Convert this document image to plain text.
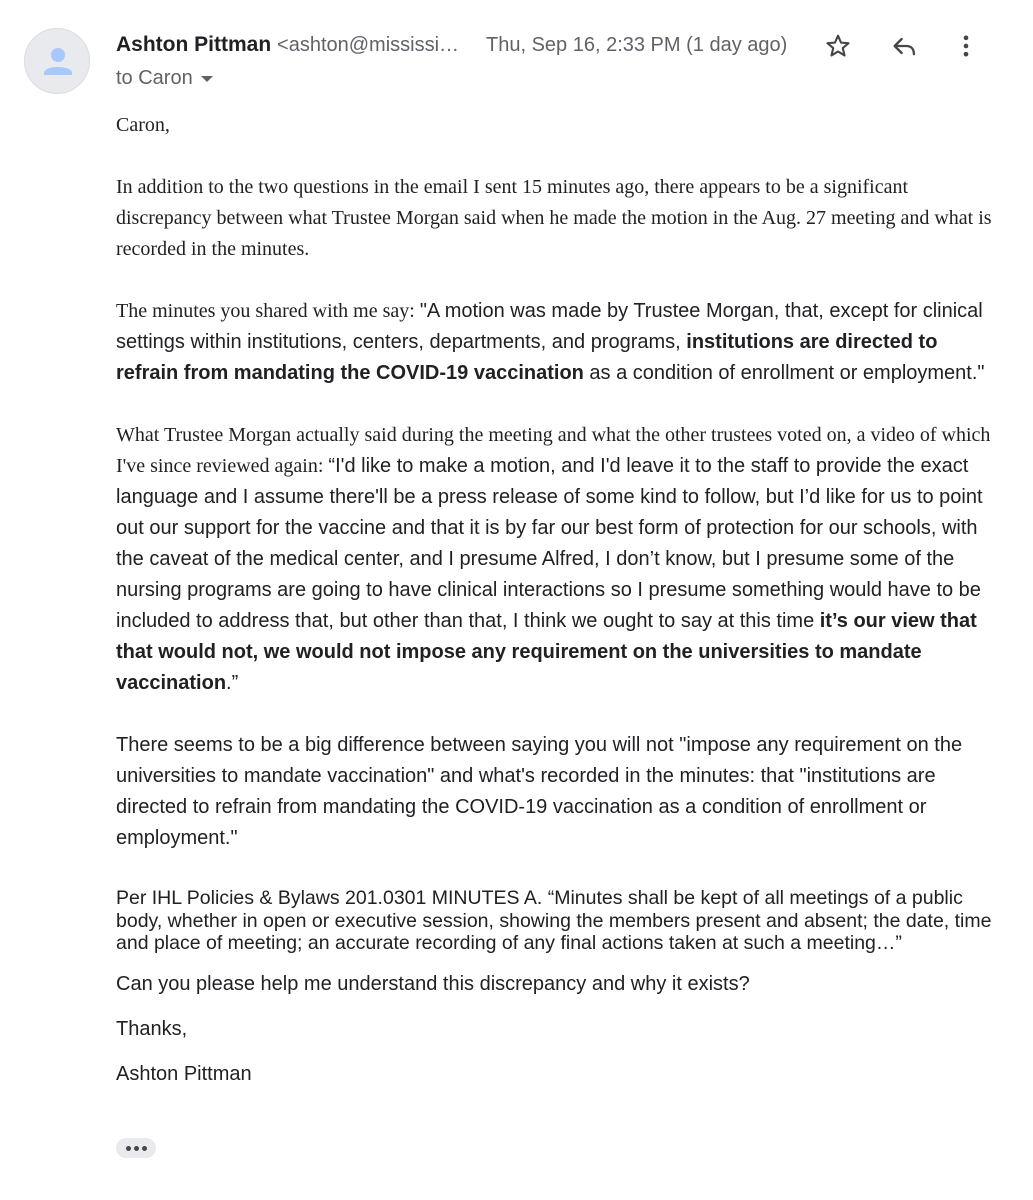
Ashton Pittman <ashton@mississi… Thu, Sep 16, 2:33 PM (1 day ago)
to Caron

Caron,

In addition to the two questions in the email I sent 15 minutes ago, there appears to be a significant discrepancy between what Trustee Morgan said when he made the motion in the Aug. 27 meeting and what is recorded in the minutes.

The minutes you shared with me say: "A motion was made by Trustee Morgan, that, except for clinical settings within institutions, centers, departments, and programs, institutions are directed to refrain from mandating the COVID-19 vaccination as a condition of enrollment or employment."

What Trustee Morgan actually said during the meeting and what the other trustees voted on, a video of which I've since reviewed again: “I'd like to make a motion, and I'd leave it to the staff to provide the exact language and I assume there'll be a press release of some kind to follow, but I’d like for us to point out our support for the vaccine and that it is by far our best form of protection for our schools, with the caveat of the medical center, and I presume Alfred, I don’t know, but I presume some of the nursing programs are going to have clinical interactions so I presume something would have to be included to address that, but other than that, I think we ought to say at this time it’s our view that that would not, we would not impose any requirement on the universities to mandate vaccination.”

There seems to be a big difference between saying you will not "impose any requirement on the universities to mandate vaccination" and what's recorded in the minutes: that "institutions are directed to refrain from mandating the COVID-19 vaccination as a condition of enrollment or employment."

Per IHL Policies & Bylaws 201.0301 MINUTES A. “Minutes shall be kept of all meetings of a public body, whether in open or executive session, showing the members present and absent; the date, time and place of meeting; an accurate recording of any final actions taken at such a meeting…”

Can you please help me understand this discrepancy and why it exists?

Thanks,

Ashton Pittman
